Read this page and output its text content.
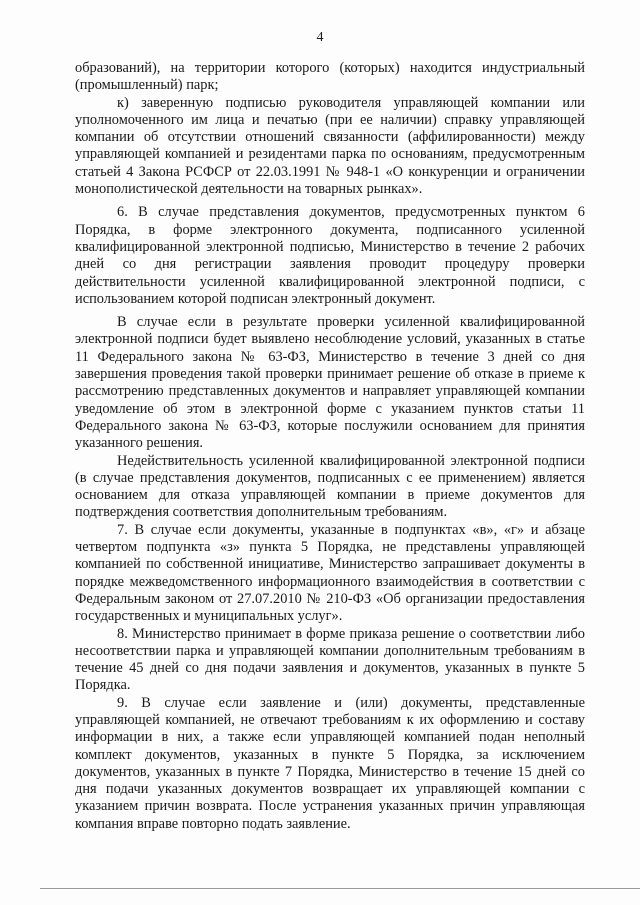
4

образований), на территории которого (которых) находится индустриальный (промышленный) парк;

к) заверенную подписью руководителя управляющей компании или уполномоченного им лица и печатью (при ее наличии) справку управляющей компании об отсутствии отношений связанности (аффилированности) между управляющей компанией и резидентами парка по основаниям, предусмотренным статьей 4 Закона РСФСР от 22.03.1991 № 948-1 «О конкуренции и ограничении монополистической деятельности на товарных рынках».

6. В случае представления документов, предусмотренных пунктом 6 Порядка, в форме электронного документа, подписанного усиленной квалифицированной электронной подписью, Министерство в течение 2 рабочих дней со дня регистрации заявления проводит процедуру проверки действительности усиленной квалифицированной электронной подписи, с использованием которой подписан электронный документ.

В случае если в результате проверки усиленной квалифицированной электронной подписи будет выявлено несоблюдение условий, указанных в статье 11 Федерального закона № 63-ФЗ, Министерство в течение 3 дней со дня завершения проведения такой проверки принимает решение об отказе в приеме к рассмотрению представленных документов и направляет управляющей компании уведомление об этом в электронной форме с указанием пунктов статьи 11 Федерального закона № 63-ФЗ, которые послужили основанием для принятия указанного решения.

Недействительность усиленной квалифицированной электронной подписи (в случае представления документов, подписанных с ее применением) является основанием для отказа управляющей компании в приеме документов для подтверждения соответствия дополнительным требованиям.

7. В случае если документы, указанные в подпунктах «в», «г» и абзаце четвертом подпункта «з» пункта 5 Порядка, не представлены управляющей компанией по собственной инициативе, Министерство запрашивает документы в порядке межведомственного информационного взаимодействия в соответствии с Федеральным законом от 27.07.2010 № 210-ФЗ «Об организации предоставления государственных и муниципальных услуг».

8. Министерство принимает в форме приказа решение о соответствии либо несоответствии парка и управляющей компании дополнительным требованиям в течение 45 дней со дня подачи заявления и документов, указанных в пункте 5 Порядка.

9. В случае если заявление и (или) документы, представленные управляющей компанией, не отвечают требованиям к их оформлению и составу информации в них, а также если управляющей компанией подан неполный комплект документов, указанных в пункте 5 Порядка, за исключением документов, указанных в пункте 7 Порядка, Министерство в течение 15 дней со дня подачи указанных документов возвращает их управляющей компании с указанием причин возврата. После устранения указанных причин управляющая компания вправе повторно подать заявление.
